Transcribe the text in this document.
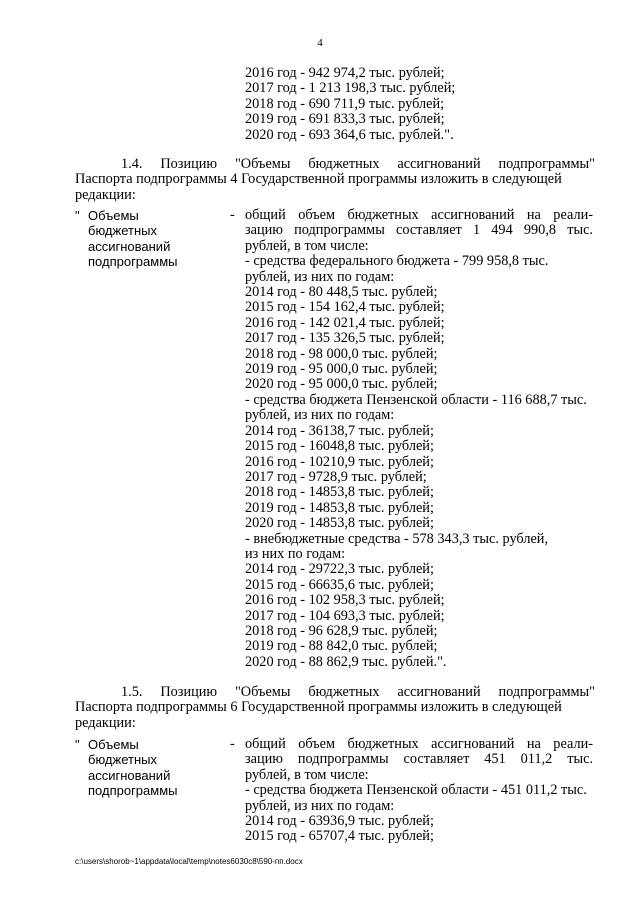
4
2016 год - 942 974,2 тыс. рублей;
2017 год - 1 213 198,3 тыс. рублей;
2018 год - 690 711,9 тыс. рублей;
2019 год - 691 833,3 тыс. рублей;
2020 год - 693 364,6 тыс. рублей.".
1.4. Позицию "Объемы бюджетных ассигнований подпрограммы"
Паспорта подпрограммы 4 Государственной программы изложить в следующей
редакции:
" Объемы
бюджетных
ассигнований
подпрограммы
- общий объем бюджетных ассигнований на реали-
зацию подпрограммы составляет 1 494 990,8 тыс.
рублей, в том числе:
- средства федерального бюджета - 799 958,8 тыс.
рублей, из них по годам:
2014 год - 80 448,5 тыс. рублей;
2015 год - 154 162,4 тыс. рублей;
2016 год - 142 021,4 тыс. рублей;
2017 год - 135 326,5 тыс. рублей;
2018 год - 98 000,0 тыс. рублей;
2019 год - 95 000,0 тыс. рублей;
2020 год - 95 000,0 тыс. рублей;
- средства бюджета Пензенской области - 116 688,7 тыс.
рублей, из них по годам:
2014 год - 36138,7 тыс. рублей;
2015 год - 16048,8 тыс. рублей;
2016 год - 10210,9 тыс. рублей;
2017 год - 9728,9 тыс. рублей;
2018 год - 14853,8 тыс. рублей;
2019 год - 14853,8 тыс. рублей;
2020 год - 14853,8 тыс. рублей;
- внебюджетные средства - 578 343,3 тыс. рублей,
из них по годам:
2014 год - 29722,3 тыс. рублей;
2015 год - 66635,6 тыс. рублей;
2016 год - 102 958,3 тыс. рублей;
2017 год - 104 693,3 тыс. рублей;
2018 год - 96 628,9 тыс. рублей;
2019 год - 88 842,0 тыс. рублей;
2020 год - 88 862,9 тыс. рублей.".
1.5. Позицию "Объемы бюджетных ассигнований подпрограммы"
Паспорта подпрограммы 6 Государственной программы изложить в следующей
редакции:
" Объемы
бюджетных
ассигнований
подпрограммы
- общий объем бюджетных ассигнований на реали-
зацию подпрограммы составляет 451 011,2 тыс.
рублей, в том числе:
- средства бюджета Пензенской области - 451 011,2 тыс.
рублей, из них по годам:
2014 год - 63936,9 тыс. рублей;
2015 год - 65707,4 тыс. рублей;
c:\users\shorob~1\appdata\local\temp\notes6030c8\590-пп.docx
